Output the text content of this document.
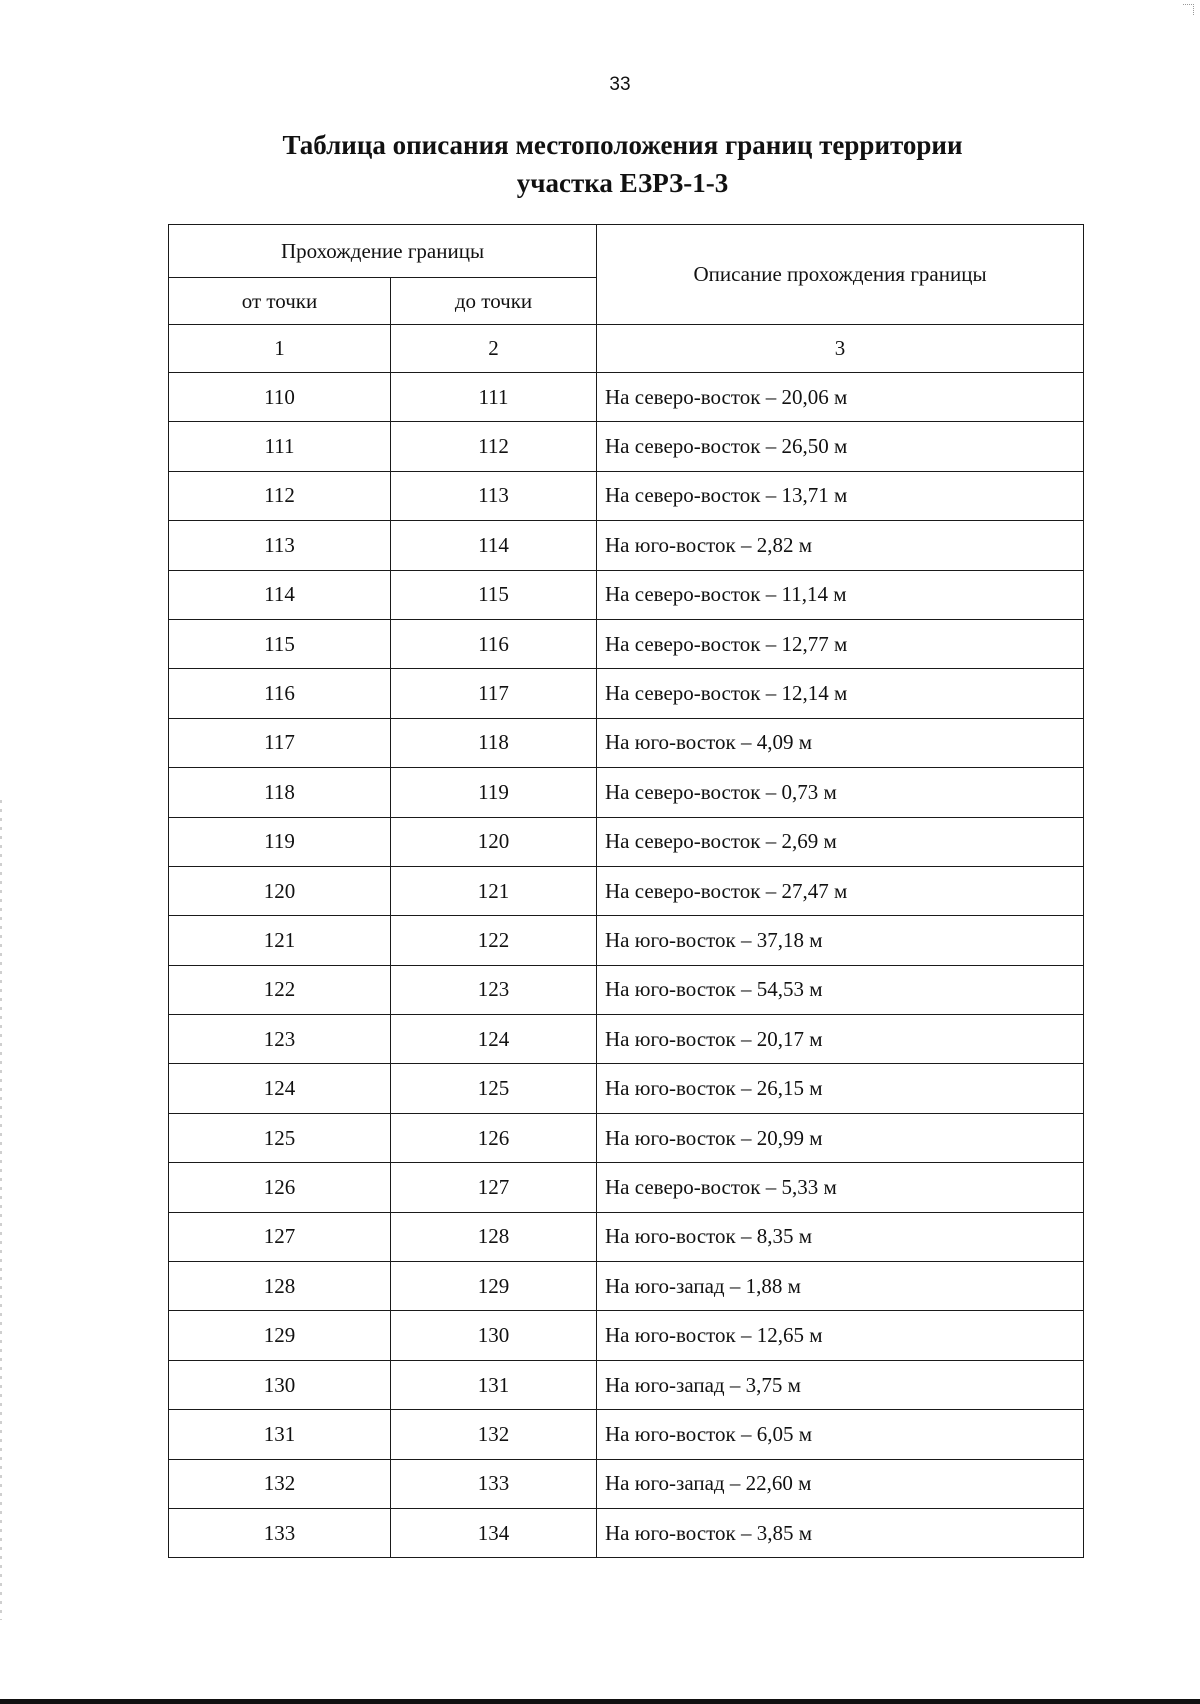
33
Таблица описания местоположения границ территории
участка ЕЗРЗ-1-3
Прохождение границы		Описание прохождения границы
от точки	до точки	
1	2	3
110	111	На северо-восток – 20,06 м
111	112	На северо-восток – 26,50 м
112	113	На северо-восток – 13,71 м
113	114	На юго-восток – 2,82 м
114	115	На северо-восток – 11,14 м
115	116	На северо-восток – 12,77 м
116	117	На северо-восток – 12,14 м
117	118	На юго-восток – 4,09 м
118	119	На северо-восток – 0,73 м
119	120	На северо-восток – 2,69 м
120	121	На северо-восток – 27,47 м
121	122	На юго-восток – 37,18 м
122	123	На юго-восток – 54,53 м
123	124	На юго-восток – 20,17 м
124	125	На юго-восток – 26,15 м
125	126	На юго-восток – 20,99 м
126	127	На северо-восток – 5,33 м
127	128	На юго-восток – 8,35 м
128	129	На юго-запад – 1,88 м
129	130	На юго-восток – 12,65 м
130	131	На юго-запад – 3,75 м
131	132	На юго-восток – 6,05 м
132	133	На юго-запад – 22,60 м
133	134	На юго-восток – 3,85 м
